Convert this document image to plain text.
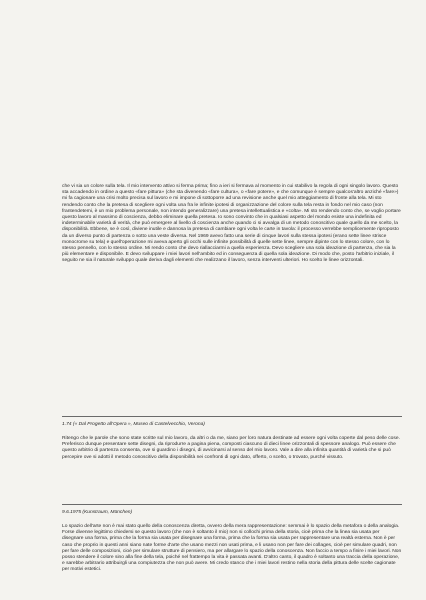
che vi sia un colore sulla tela. Il mio intervento attivo si ferma prima; fino a ieri si fermava al momento in cui stabilivo la regola di ogni singolo lavoro. Questo sta accadendo in ordine a questo «fare pittura» (che sta divenendo «fare cultura», o «fare potere», e che comunque è sempre qualcos'altro anziché «fare») mi fa cagionare una crisi molto precisa sul lavoro e mi impone di sottoporre ad una revisione anche quel mio atteggiamento di fronte alla tela. Mi sto rendendo conto che la pretesa di scegliere ogni volta una fra le infinite ipotesi di organizzazione del colore sulla tela resta in fondo nel mio caso (non frantendetemi, è un mio problema personale, non intendo generalizzare) una pretesa intellettualistica e «colta». Mi sto rendendo conto che, se voglio portare questo lavoro al massimo di coscienza, debbo eliminare quella pretesa. Io sono convinto che in qualsiasi aspetto del mondo esiste una indefinita ed indeterminabile varietà di verità, che può emergere al livello di coscienza anche quando ci si avvalga di un metodo conoscitivo quale quello da me scelto, la disponibilità. Ebbene, se è così, diviene inutile e dannosa la pretesa di cambiare ogni volta le carte in tavola: il processo verrebbe semplicemente riproposto da un diverso punto di partenza o sotto una veste diversa. Nel 1969 avevo fatto una serie di cinque lavori sulla stessa ipotesi (erano sette linee strisce monocrome su tela) e quell'operazione mi aveva aperto gli occhi sulle infinite possibilità di quelle sette linee, sempre dipinte con lo stesso colore, con lo stesso pennello, con lo stesso ordine. Mi rendo conto che devo riallacciarmi a quella esperienza. Devo scegliere una sola ideazione di partenza, che sia la più elementare e disponibile. E devo sviluppare i miei lavori nell'ambito ed in conseguenza di quella sola ideazione. Di modo che, posto l'arbitrio iniziale, il seguito ne sia il naturale sviluppo quale deriva dagli elementi che realizzano il lavoro, senza interventi ulteriori. Ho scelto le linee orizzontali.

1.74 (« Dal Progetto all'Opera », Museo di Castelvecchio, Verona)

Ritengo che le parole che sono state scritte sul mio lavoro, da altri o da me, siano per loro natura destinate ad essere ogni volta coperte dal peso delle cose. Preferisco dunque presentare sette disegni, da riprodurre a pagina piena, composti ciascuno di dieci linee orizzontali di spessore analogo. Può essere che questo arbitrio di partenza consenta, ove si guardino i disegni, di avvicinarsi al senso del mio lavoro. Vale a dire alla infinita quantità di varietà che si può percepire ove si adotti il metodo conoscitivo della disponibilità nei confronti di ogni dato, offerto, o scelto, o trovato, purché vissuto.

9.6.1975 (Kunstraum, München)

Lo spazio dell'arte non è mai stato quello della conoscenza diretta, ovvero della mera rappresentazione: semmai è lo spazio della metafora o della analogia. Forse divenne legittimo chiedersi se questo lavoro (che non è soltanto il mio) non si collochi prima della storia, cioè prima che la linea sia usata per disegnare una forma, prima che la forma sia usata per disegnare una forma, prima che la forma sia usata per rappresentare una realtà esterna. Non è per caso che proprio in questi anni siano nate forme d'arte che usano mezzi non usati prima, e li usano non per fare dei collages, cioè per simulare quadri, non per fare delle composizioni, cioè per simulare strutture di pensiero, ma per allargare lo spazio della conoscenza. Non faccio a tempo a finire i miei lavori. Non posso stendere il colore sino alla fine della tela, poiché nel frattempo la vita è passata avanti. D'altro canto, il quadro è soltanto una traccia della operazione, e sarebbe arbitrario attribuirgli una compiutezza che non può avere. Mi credo stanco che i miei lavori restino nella storia della pittura delle scelte cagionate per motivi estetici.
